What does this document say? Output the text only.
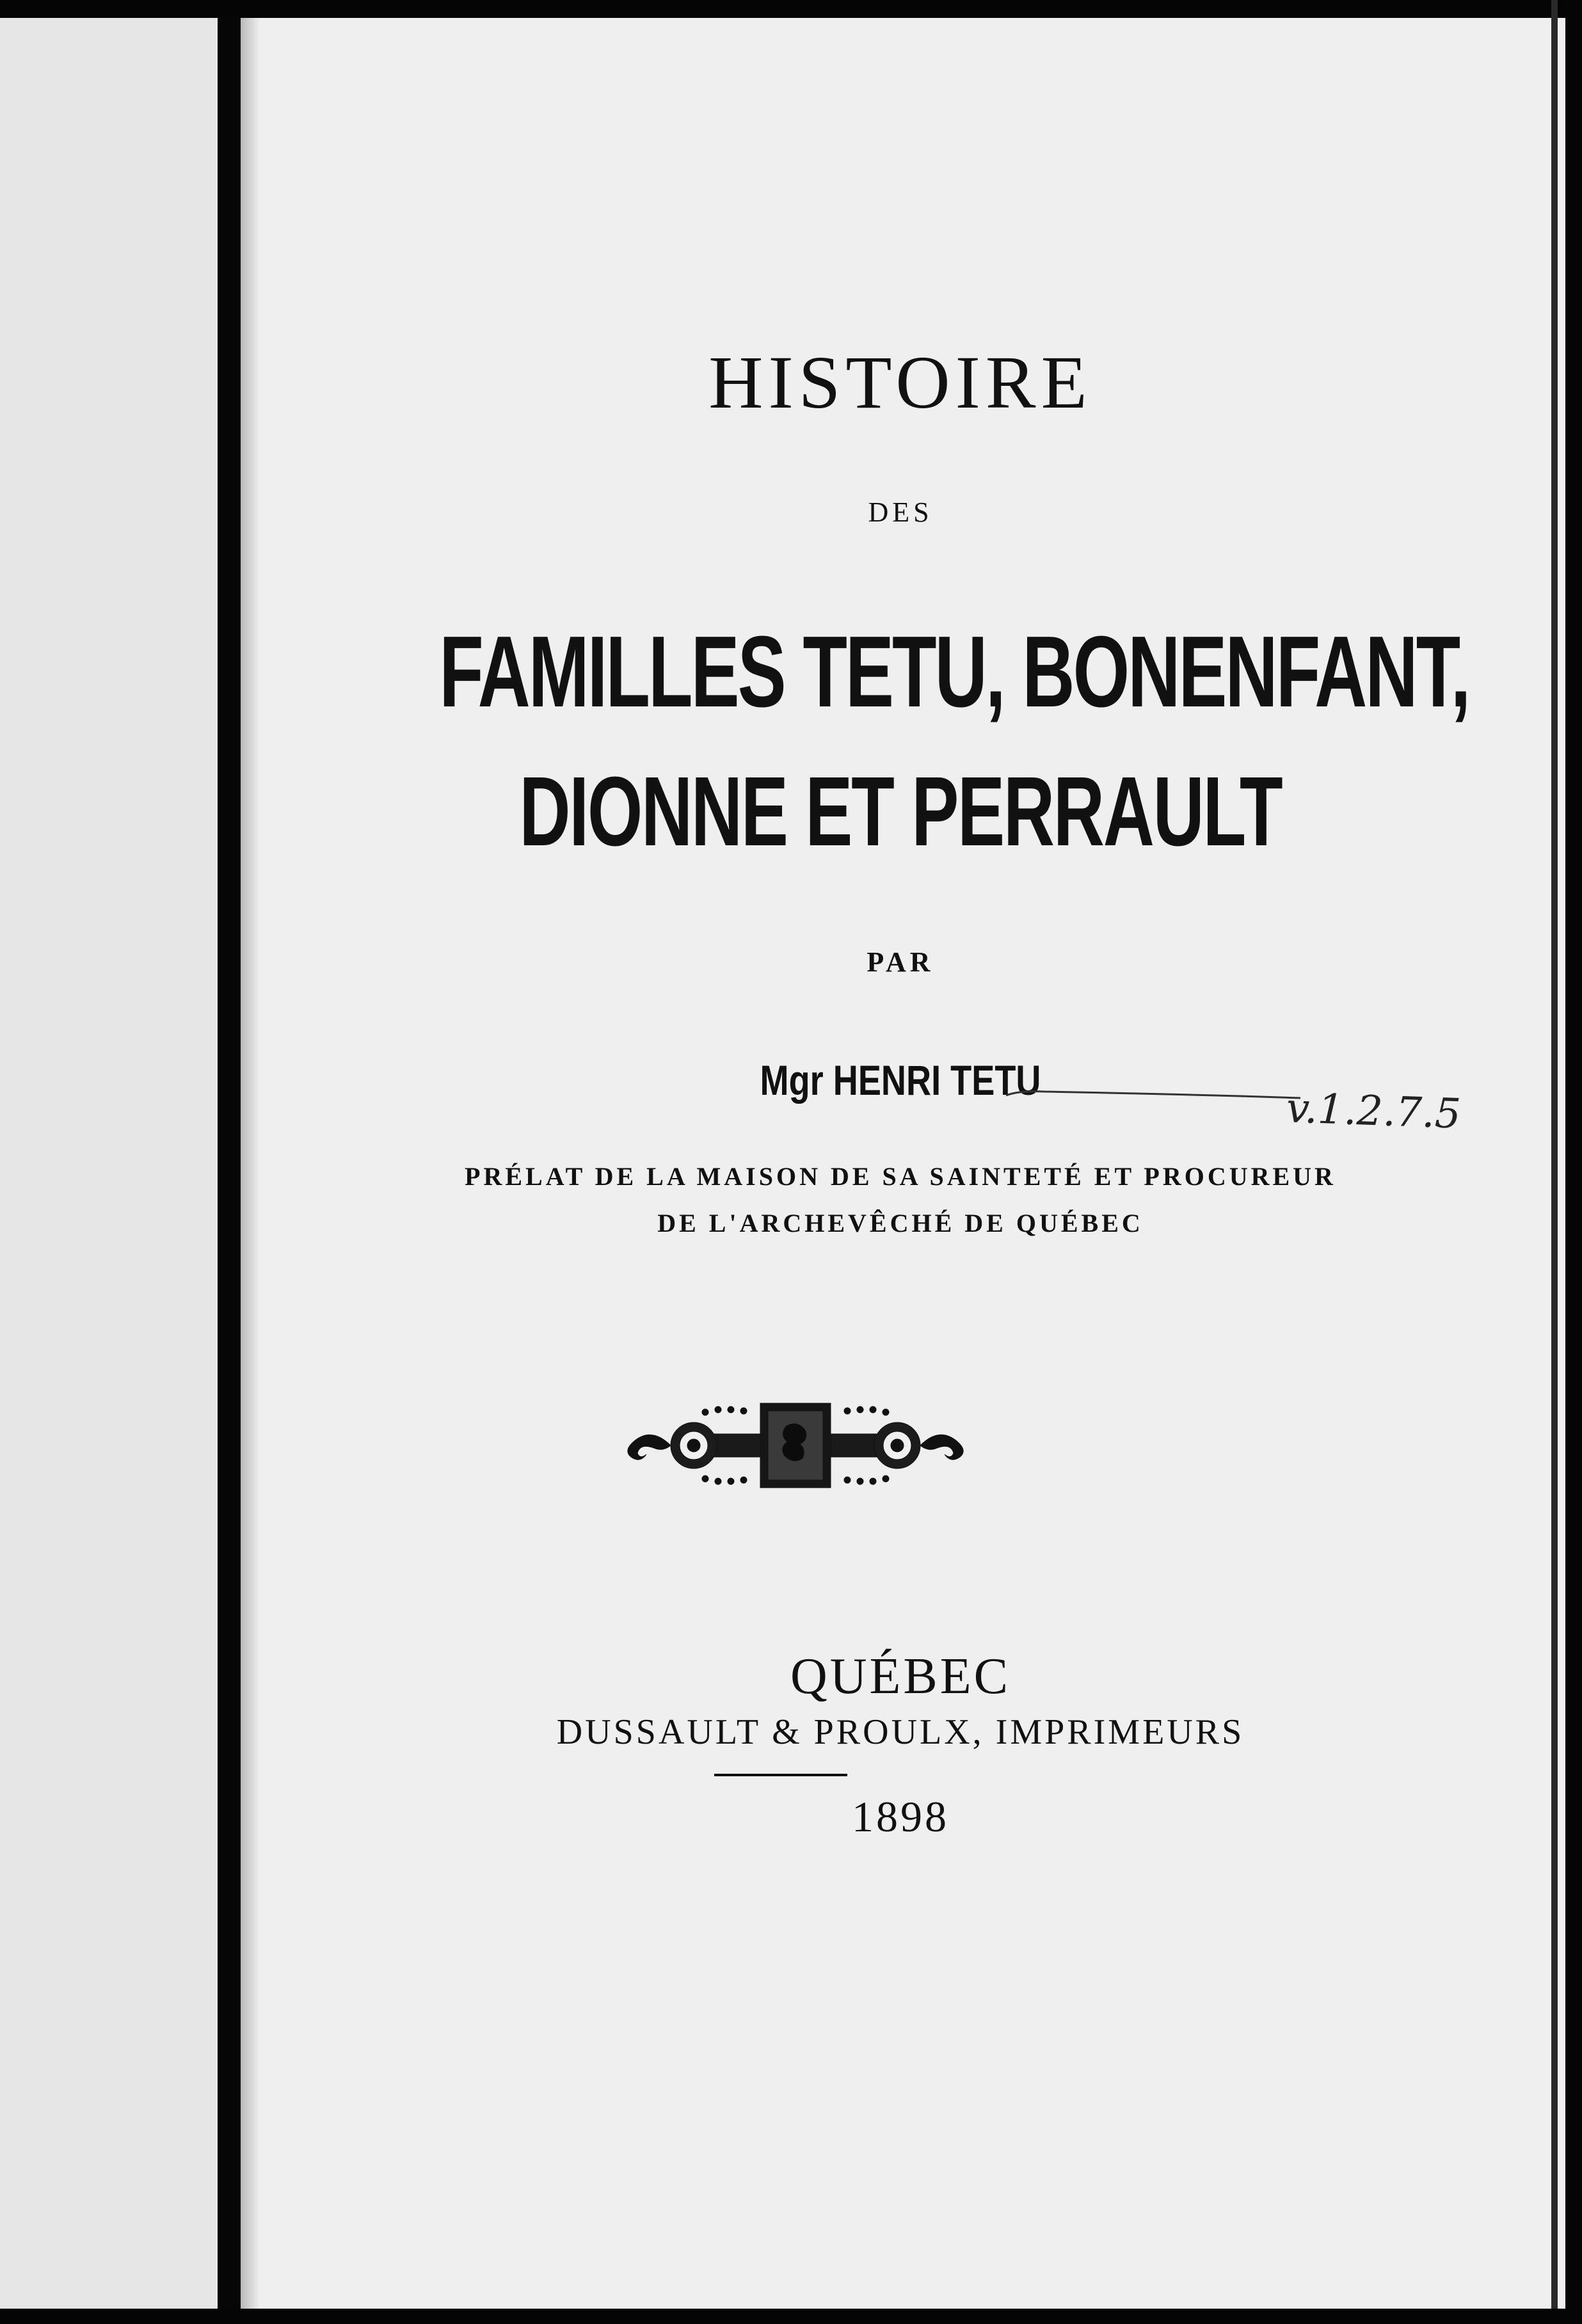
HISTOIRE

DES

FAMILLES TETU, BONENFANT,

DIONNE ET PERRAULT

PAR

Mgr HENRI TETU

PRÉLAT DE LA MAISON DE SA SAINTETÉ ET PROCUREUR

DE L'ARCHEVÊCHÉ DE QUÉBEC

QUÉBEC

DUSSAULT & PROULX, IMPRIMEURS

1898

v.1.2.7.5
